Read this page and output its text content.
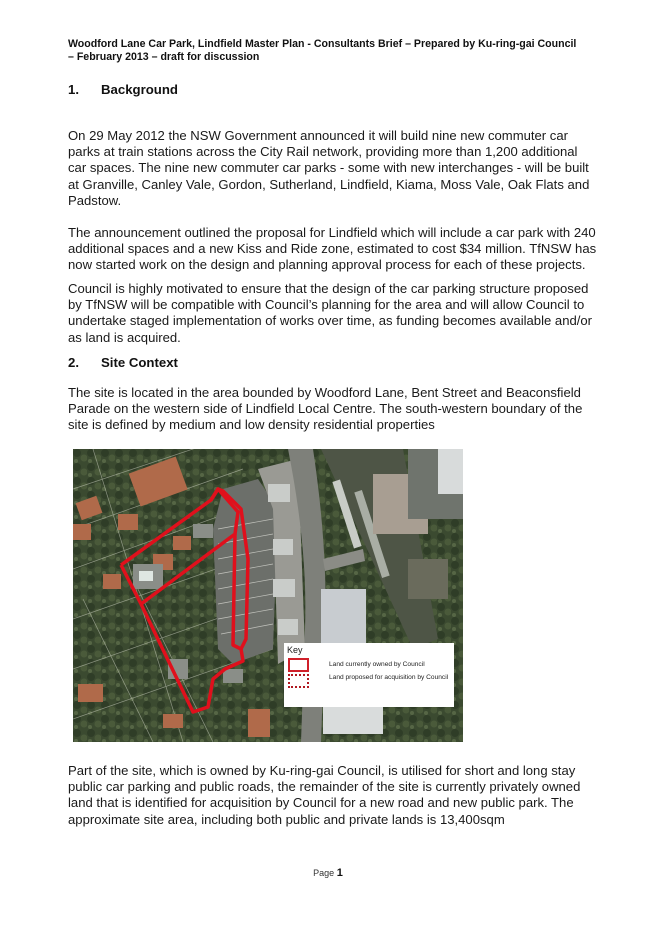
Woodford Lane Car Park, Lindfield Master Plan - Consultants Brief – Prepared by Ku-ring-gai Council
– February 2013 – draft for discussion
1. Background
On 29 May 2012 the NSW Government announced it will build nine new commuter car
parks at train stations across the City Rail network, providing more than 1,200 additional
car spaces. The nine new commuter car parks - some with new interchanges - will be built
at Granville, Canley Vale, Gordon, Sutherland, Lindfield, Kiama, Moss Vale, Oak Flats and
Padstow.
The announcement outlined the proposal for Lindfield which will include a car park with 240
additional spaces and a new Kiss and Ride zone, estimated to cost $34 million. TfNSW has
now started work on the design and planning approval process for each of these projects.
Council is highly motivated to ensure that the design of the car parking structure proposed
by TfNSW will be compatible with Council’s planning for the area and will allow Council to
undertake staged implementation of works over time, as funding becomes available and/or
as land is acquired.
2. Site Context
The site is located in the area bounded by Woodford Lane, Bent Street and Beaconsfield
Parade on the western side of Lindfield Local Centre. The south-western boundary of the
site is defined by medium and low density residential properties
Key
Land currently owned by Council
Land proposed for acquisition by Council
Part of the site, which is owned by Ku-ring-gai Council, is utilised for short and long stay
public car parking and public roads, the remainder of the site is currently privately owned
land that is identified for acquisition by Council for a new road and new public park. The
approximate site area, including both public and private lands is 13,400sqm
Page 1
